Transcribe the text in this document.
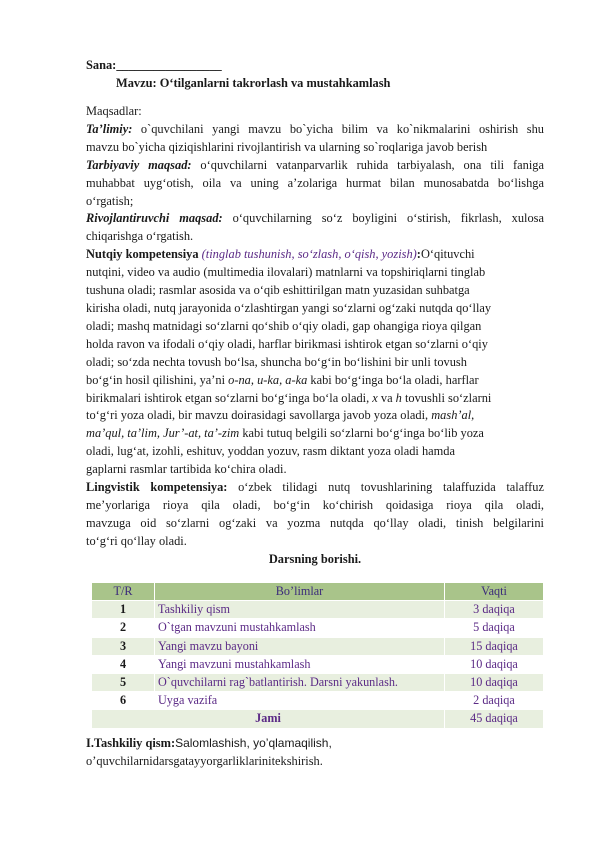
Sana:_________________
Mavzu: O‘tilganlarni takrorlash va mustahkamlash
Maqsadlar:
Ta’limiy: o`quvchilani yangi mavzu bo`yicha bilim va ko`nikmalarini oshirish shu
mavzu bo`yicha qiziqishlarini rivojlantirish va ularning so`roqlariga javob berish
Tarbiyaviy maqsad: o‘quvchilarni vatanparvarlik ruhida tarbiyalash, ona tili faniga
muhabbat uyg‘otish, oila va uning a’zolariga hurmat bilan munosabatda bo‘lishga
o‘rgatish;
Rivojlantiruvchi maqsad: o‘quvchilarning so‘z boyligini o‘stirish, fikrlash, xulosa
chiqarishga o‘rgatish.
Nutqiy kompetensiya (tinglab tushunish, so‘zlash, o‘qish, yozish):O‘qituvchi
nutqini, video va audio (multimedia ilovalari) matnlarni va topshiriqlarni tinglab
tushuna oladi; rasmlar asosida va o‘qib eshittirilgan matn yuzasidan suhbatga
kirisha oladi, nutq jarayonida o‘zlashtirgan yangi so‘zlarni og‘zaki nutqda qo‘llay
oladi; mashq matnidagi so‘zlarni qo‘shib o‘qiy oladi, gap ohangiga rioya qilgan
holda ravon va ifodali o‘qiy oladi, harflar birikmasi ishtirok etgan so‘zlarni o‘qiy
oladi; so‘zda nechta tovush bo‘lsa, shuncha bo‘g‘in bo‘lishini bir unli tovush
bo‘g‘in hosil qilishini, ya’ni o-na, u-ka, a-ka kabi bo‘g‘inga bo‘la oladi, harflar
birikmalari ishtirok etgan so‘zlarni bo‘g‘inga bo‘la oladi, x va h tovushli so‘zlarni
to‘g‘ri yoza oladi, bir mavzu doirasidagi savollarga javob yoza oladi, mash’al,
ma’qul, ta’lim, Jur’-at, ta’-zim kabi tutuq belgili so‘zlarni bo‘g‘inga bo‘lib yoza
oladi, lug‘at, izohli, eshituv, yoddan yozuv, rasm diktant yoza oladi hamda
gaplarni rasmlar tartibida ko‘chira oladi.
Lingvistik kompetensiya: o‘zbek tilidagi nutq tovushlarining talaffuzida talaffuz
me’yorlariga rioya qila oladi, bo‘g‘in ko‘chirish qoidasiga rioya qila oladi,
mavzuga oid so‘zlarni og‘zaki va yozma nutqda qo‘llay oladi, tinish belgilarini
to‘g‘ri qo‘llay oladi.
Darsning borishi.
T/R	Bo’limlar	Vaqti
1	Tashkiliy qism	3 daqiqa
2	O`tgan mavzuni mustahkamlash	5 daqiqa
3	Yangi mavzu bayoni	15 daqiqa
4	Yangi mavzuni mustahkamlash	10 daqiqa
5	O`quvchilarni rag`batlantirish. Darsni yakunlash.	10 daqiqa
6	Uyga vazifa	2 daqiqa
Jami		45 daqiqa
I.Tashkiliy qism:Salomlashish, yo’qlamaqilish,
o’quvchilarnidarsgatayyorgarliklarinitekshirish.
